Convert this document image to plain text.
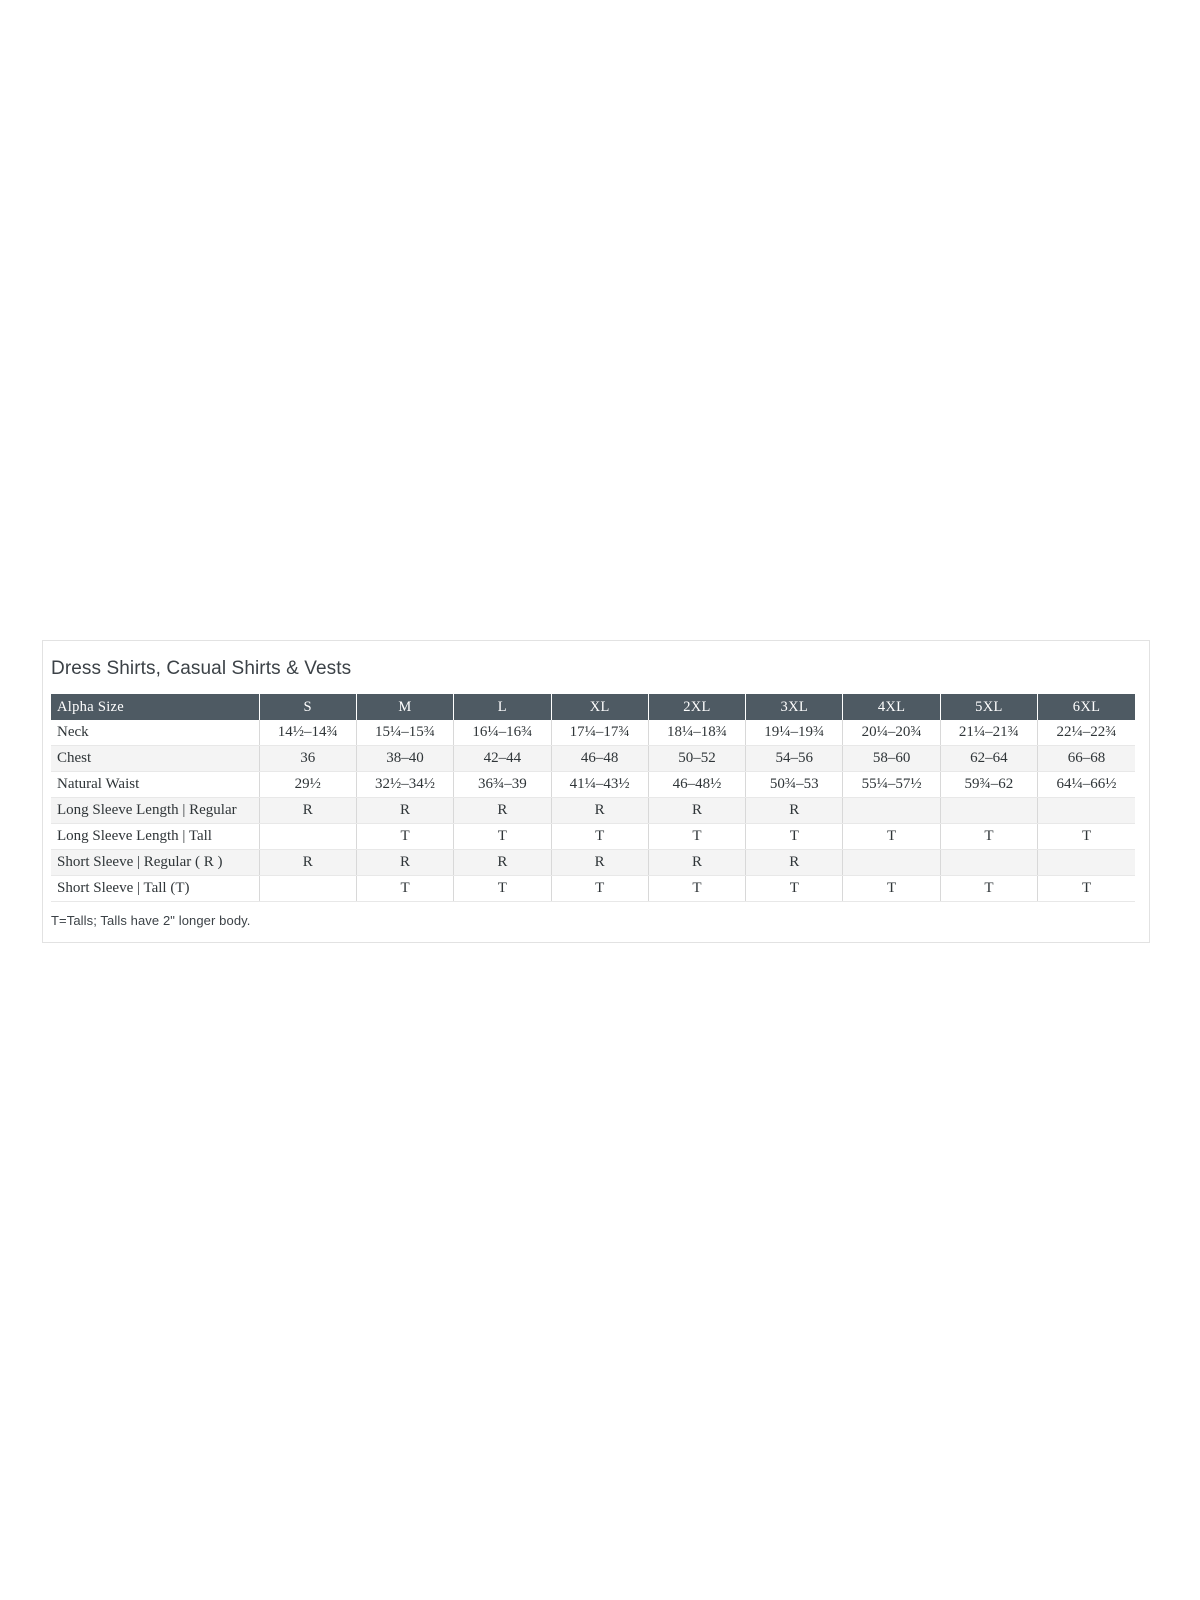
Dress Shirts, Casual Shirts & Vests
Alpha Size	S	M	L	XL	2XL	3XL	4XL	5XL	6XL
Neck	14½–14¾	15¼–15¾	16¼–16¾	17¼–17¾	18¼–18¾	19¼–19¾	20¼–20¾	21¼–21¾	22¼–22¾
Chest	36	38–40	42–44	46–48	50–52	54–56	58–60	62–64	66–68
Natural Waist	29½	32½–34½	36¾–39	41¼–43½	46–48½	50¾–53	55¼–57½	59¾–62	64¼–66½
Long Sleeve Length | Regular	R	R	R	R	R	R			
Long Sleeve Length | Tall		T	T	T	T	T	T	T	T
Short Sleeve | Regular ( R )	R	R	R	R	R	R			
Short Sleeve | Tall (T)		T	T	T	T	T	T	T	T
T=Talls; Talls have 2" longer body.
